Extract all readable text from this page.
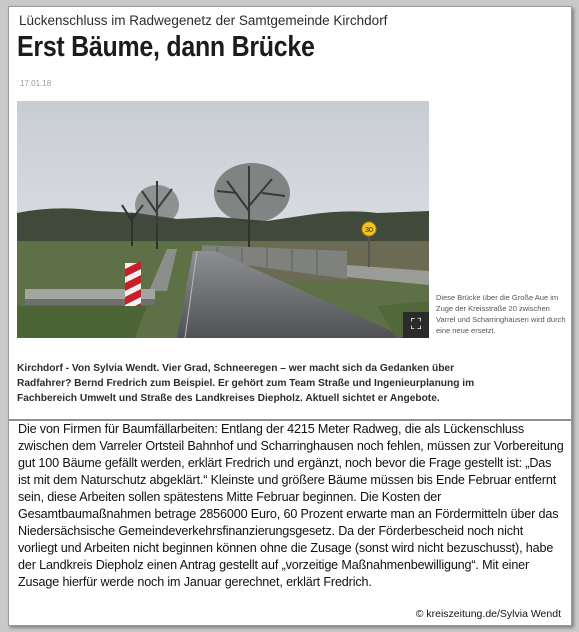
Lückenschluss im Radwegenetz der Samtgemeinde Kirchdorf
Erst Bäume, dann Brücke
17.01.18
30
⛶
Diese Brücke über die Große Aue im Zuge der Kreisstraße 20 zwischen Varrel und Scharringhausen wird durch eine neue ersetzt.

Kirchdorf - Von Sylvia Wendt. Vier Grad, Schneeregen – wer macht sich da Gedanken über Radfahrer? Bernd Fredrich zum Beispiel. Er gehört zum Team Straße und Ingenieurplanung im Fachbereich Umwelt und Straße des Landkreises Diepholz. Aktuell sichtet er Angebote.

Die von Firmen für Baumfällarbeiten: Entlang der 4215 Meter Radweg, die als Lückenschluss zwischen dem Varreler Ortsteil Bahnhof und Scharringhausen noch fehlen, müssen zur Vorbereitung gut 100 Bäume gefällt werden, erklärt Fredrich und ergänzt, noch bevor die Frage gestellt ist: „Das ist mit dem Naturschutz abgeklärt.“ Kleinste und größere Bäume müssen bis Ende Februar entfernt sein, diese Arbeiten sollen spätestens Mitte Februar beginnen. Die Kosten der Gesamtbaumaßnahmen betrage 2856000 Euro, 60 Prozent erwarte man an Fördermitteln über das Niedersächsische Gemeindeverkehrsfinanzierungsgesetz. Da der Förderbescheid noch nicht vorliegt und Arbeiten nicht beginnen können ohne die Zusage (sonst wird nicht bezuschusst), habe der Landkreis Diepholz einen Antrag gestellt auf „vorzeitige Maßnahmenbewilligung“. Mit einer Zusage hierfür werde noch im Januar gerechnet, erklärt Fredrich.

© kreiszeitung.de/Sylvia Wendt
